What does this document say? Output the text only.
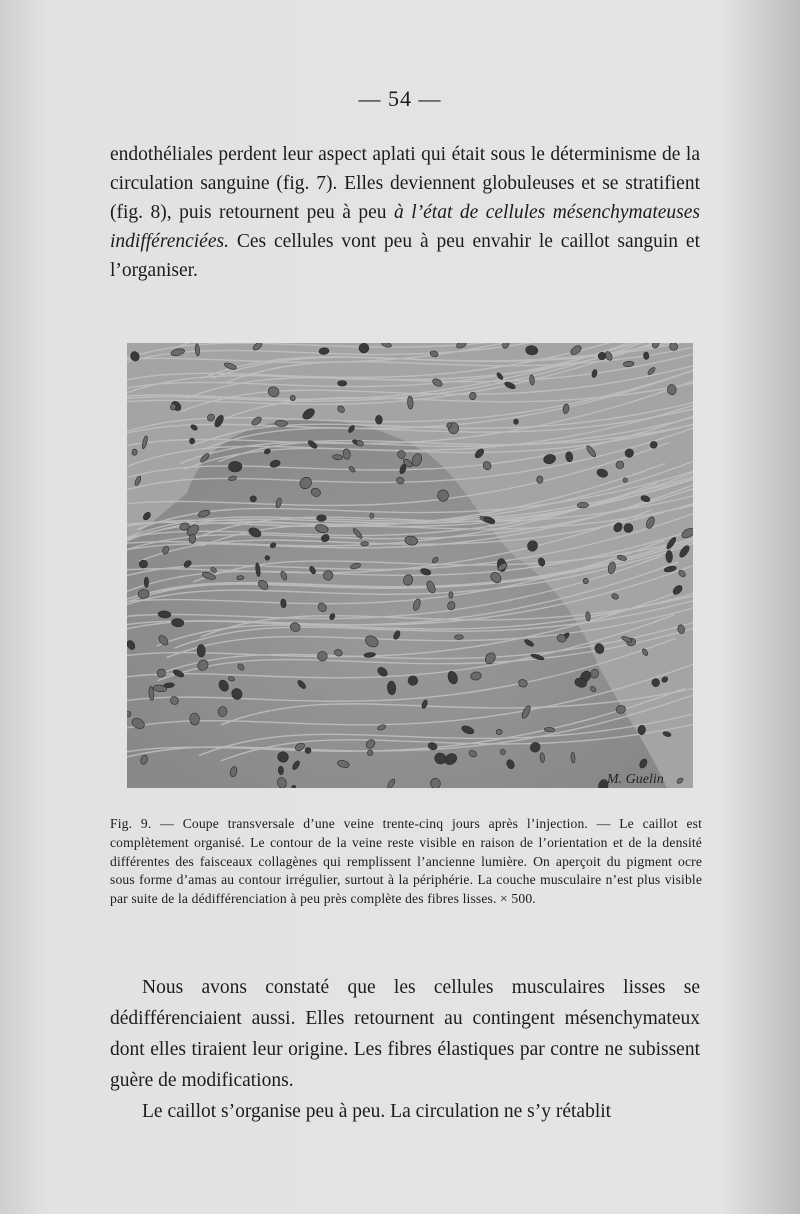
— 54 —

endothéliales perdent leur aspect aplati qui était sous le déterminisme de la circulation sanguine (fig. 7). Elles deviennent globuleuses et se stratifient (fig. 8), puis retournent peu à peu à l’état de cellules mésenchymateuses indifférenciées. Ces cellules vont peu à peu envahir le caillot sanguin et l’organiser.

M. Guelin

Fig. 9. — Coupe transversale d’une veine trente-cinq jours après l’injection. — Le caillot est complètement organisé. Le contour de la veine reste visible en raison de l’orientation et de la densité différentes des faisceaux collagènes qui remplissent l’ancienne lumière. On aperçoit du pigment ocre sous forme d’amas au contour irrégulier, surtout à la périphérie. La couche musculaire n’est plus visible par suite de la dédifférenciation à peu près complète des fibres lisses. × 500.

Nous avons constaté que les cellules musculaires lisses se dédifférenciaient aussi. Elles retournent au contingent mésenchymateux dont elles tiraient leur origine. Les fibres élastiques par contre ne subissent guère de modifications.

Le caillot s’organise peu à peu. La circulation ne s’y rétablit
